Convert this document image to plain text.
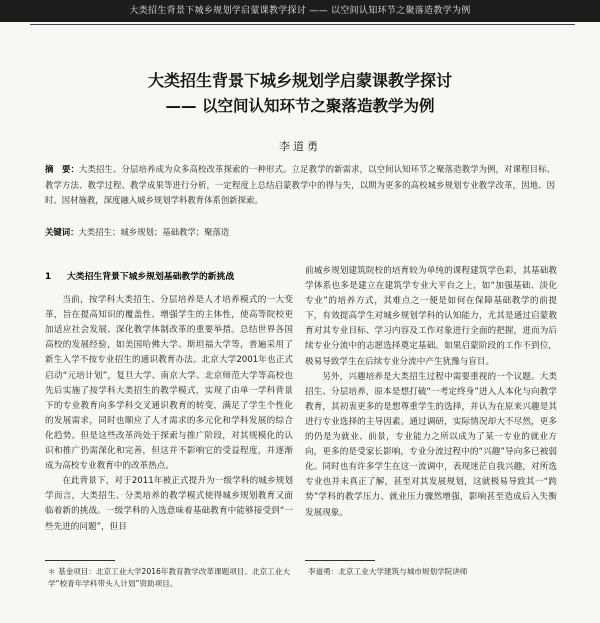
大类招生背景下城乡规划学启蒙课教学探讨 —— 以空间认知环节之聚落造教学为例
大类招生背景下城乡规划学启蒙课教学探讨
—— 以空间认知环节之聚落造教学为例
李道勇
摘　要：大类招生、分层培养成为众多高校改革探索的一种形式。立足教学的新需求，以空间认知环节之聚落造教学为例，对课程目标、教学方法、教学过程、教学成果等进行分析，一定程度上总结启蒙教学中的得与失，以期为更多的高校城乡规划专业教学改革，因地、因时、因材施教，深度融入城乡规划学科教育体系创新探索。
关键词：大类招生；城乡规划；基础教学；聚落造
1 大类招生背景下城乡规划基础教学的新挑战

当前，按学科大类招生、分层培养是人才培养模式的一大变革，旨在提高知识的覆盖性、增强学生的主体性，使高等院校更加适应社会发展、深化教学体制改革的重要举措。总结世界各国高校的发展经验，如美国哈佛大学、斯坦福大学等，普遍采用了新生入学不按专业招生的通识教育办法。北京大学2001年也正式启动“元培计划”，复旦大学、南京大学、北京师范大学等高校也先后实施了按学科大类招生的教学模式，实现了由单一学科背景下的专业教育向多学科交叉通识教育的转变，满足了学生个性化的发展需求，同时也顺应了人才需求的多元化和学科发展的综合化趋势。但是这些改革尚处于探索与推广阶段，对其规模化的认识和推广仍需深化和完善，但这并不影响它的受益程度，并逐渐成为高校专业教育中的改革热点。

在此背景下，对于2011年被正式提升为一级学科的城乡规划学而言，大类招生、分类培养的教学模式使得城乡规划教育又面临着新的挑战。一级学科的入选意味着基础教育中能够接受到“一些先进的问题”，但目

前城乡规划建筑院校的培育较为单纯的课程建筑学色彩，其基础教学体系也多是建立在建筑学专业大平台之上，如“加强基础、淡化专业”的培养方式，其难点之一便是如何在保障基础教学的前提下，有效提高学生对城乡规划学科的认知能力，尤其是通过启蒙教育对其专业目标、学习内容及工作对象进行全面的把握，进而为后续专业分流中的志愿选择奠定基础。如果启蒙阶段的工作不到位，极易导致学生在后续专业分流中产生犹豫与盲目。

另外，兴趣培养是大类招生过程中需要重视的一个议题。大类招生、分层培养，原本是想打破“一考定终身”进入人本化与向教学教育，其初衷更多的是想尊重学生的选择，并认为在原来兴趣是其进行专业选择的主导因素。通过调研，实际情况却大不尽然，更多的仍是为就业、前景，专业能力之所以成为了某一专业的就业方向，更多的是受家长影响，专业分流过程中的“兴趣”导向多已被弱化。同时也有许多学生在这一流调中，表现迷茫自我兴趣，对所选专业也并未真正了解，甚至对其发展规划，这就极易导致其一“跨势”学科的教学压力、就业压力骤然增强，影响甚至造成后入失衡发展现象。

＊ 基金项目：北京工业大学2016年教育教学改革课题项目、北京工业大学“校青年学科带头人计划”资助项目。
李道勇：北京工业大学建筑与城市规划学院讲师
